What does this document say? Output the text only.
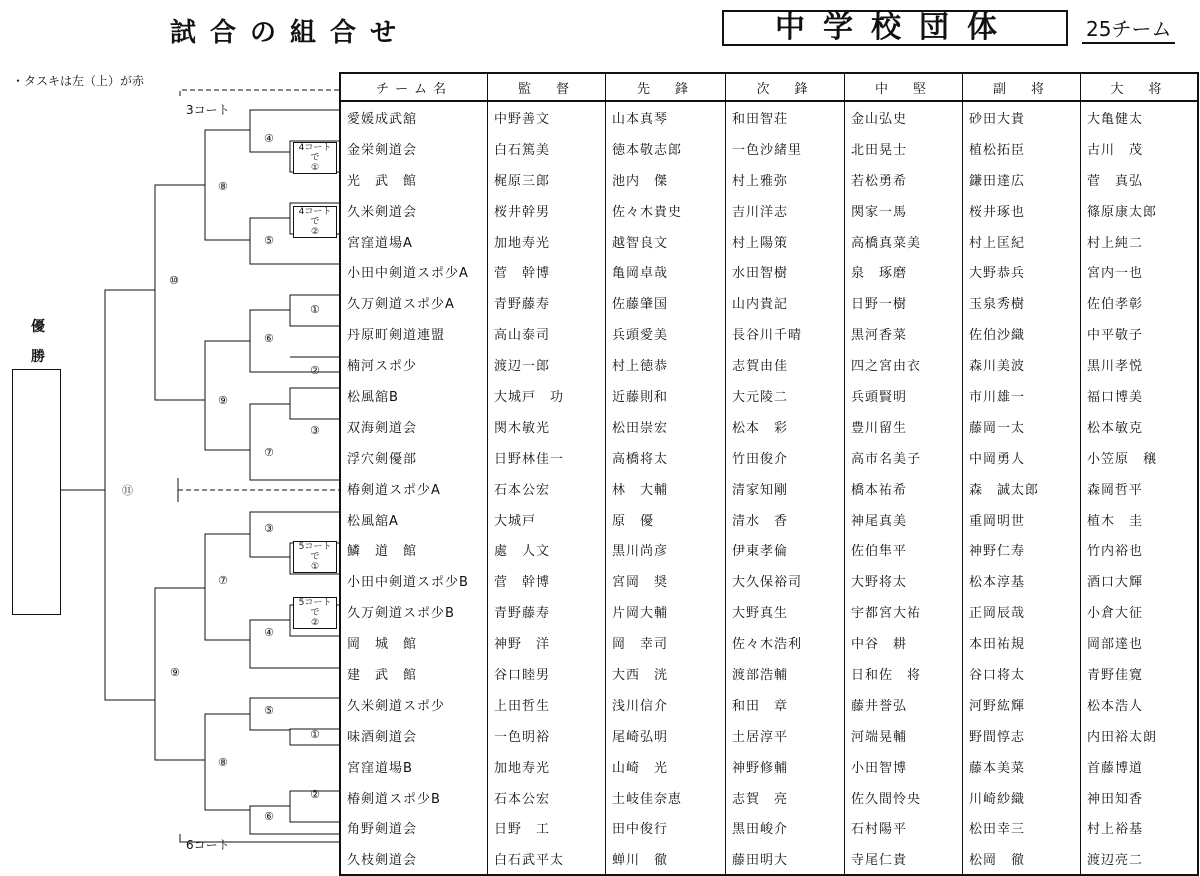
試合の組合せ	中学校団体	25チーム
・タスキは左（上）が赤
優勝
④
⑧
⑤
⑩
①
⑥
②
⑨
③
⑦
⑪
③
⑦
④
⑨
⑤
①
⑧
②
⑥
3コート
6コート
4コートで
①
4コートで
②
5コートで
①
5コートで
②
チーム名	監　督	先　鋒	次　鋒	中　堅	副　将	大　将
愛媛成武舘	中野善文	山本真琴	和田智荘	金山弘史	砂田大貴	大亀健太
金栄剣道会	白石篤美	徳本敬志郎	一色沙緒里	北田晃士	植松拓臣	古川　茂
光　武　館	梶原三郎	池内　傑	村上雅弥	若松勇希	鎌田達広	菅　真弘
久米剣道会	桜井幹男	佐々木貴史	吉川洋志	関家一馬	桜井琢也	篠原康太郎
宮窪道場A	加地寿光	越智良文	村上陽策	高橋真菜美	村上匡紀	村上純二
小田中剣道スポ少A	菅　幹博	亀岡卓哉	水田智樹	泉　琢磨	大野恭兵	宮内一也
久万剣道スポ少A	青野藤寿	佐藤肇国	山内貴記	日野一樹	玉泉秀樹	佐伯孝彰
丹原町剣道連盟	高山泰司	兵頭愛美	長谷川千晴	黒河香菜	佐伯沙織	中平敬子
楠河スポ少	渡辺一郎	村上徳恭	志賀由佳	四之宮由衣	森川美波	黒川孝悦
松風舘B	大城戸　功	近藤則和	大元陵二	兵頭賢明	市川雄一	福口博美
双海剣道会	関木敏光	松田崇宏	松本　彩	豊川留生	藤岡一太	松本敏克
浮穴剣優部	日野林佳一	高橋将太	竹田俊介	高市名美子	中岡勇人	小笠原　穣
椿剣道スポ少A	石本公宏	林　大輔	清家知剛	橋本祐希	森　誠太郎	森岡哲平
松風舘A	大城戸	原　優	清水　香	神尾真美	重岡明世	植木　圭
鱗　道　館	處　人文	黒川尚彦	伊東孝倫	佐伯隼平	神野仁寿	竹内裕也
小田中剣道スポ少B	菅　幹博	宮岡　奨	大久保裕司	大野将太	松本淳基	酒口大輝
久万剣道スポ少B	青野藤寿	片岡大輔	大野真生	宇都宮大祐	正岡辰哉	小倉大征
岡　城　館	神野　洋	岡　幸司	佐々木浩利	中谷　耕	本田祐規	岡部達也
建　武　館	谷口睦男	大西　洸	渡部浩輔	日和佐　将	谷口将太	青野佳寛
久米剣道スポ少	上田哲生	浅川信介	和田　章	藤井誉弘	河野紘輝	松本浩人
味酒剣道会	一色明裕	尾崎弘明	土居淳平	河端晃輔	野間惇志	内田裕太朗
宮窪道場B	加地寿光	山崎　光	神野修輔	小田智博	藤本美菜	首藤博道
椿剣道スポ少B	石本公宏	土岐佳奈恵	志賀　亮	佐久間怜央	川崎紗織	神田知香
角野剣道会	日野　工	田中俊行	黒田峻介	石村陽平	松田幸三	村上裕基
久枝剣道会	白石武平太	蝉川　徹	藤田明大	寺尾仁貴	松岡　徹	渡辺亮二
